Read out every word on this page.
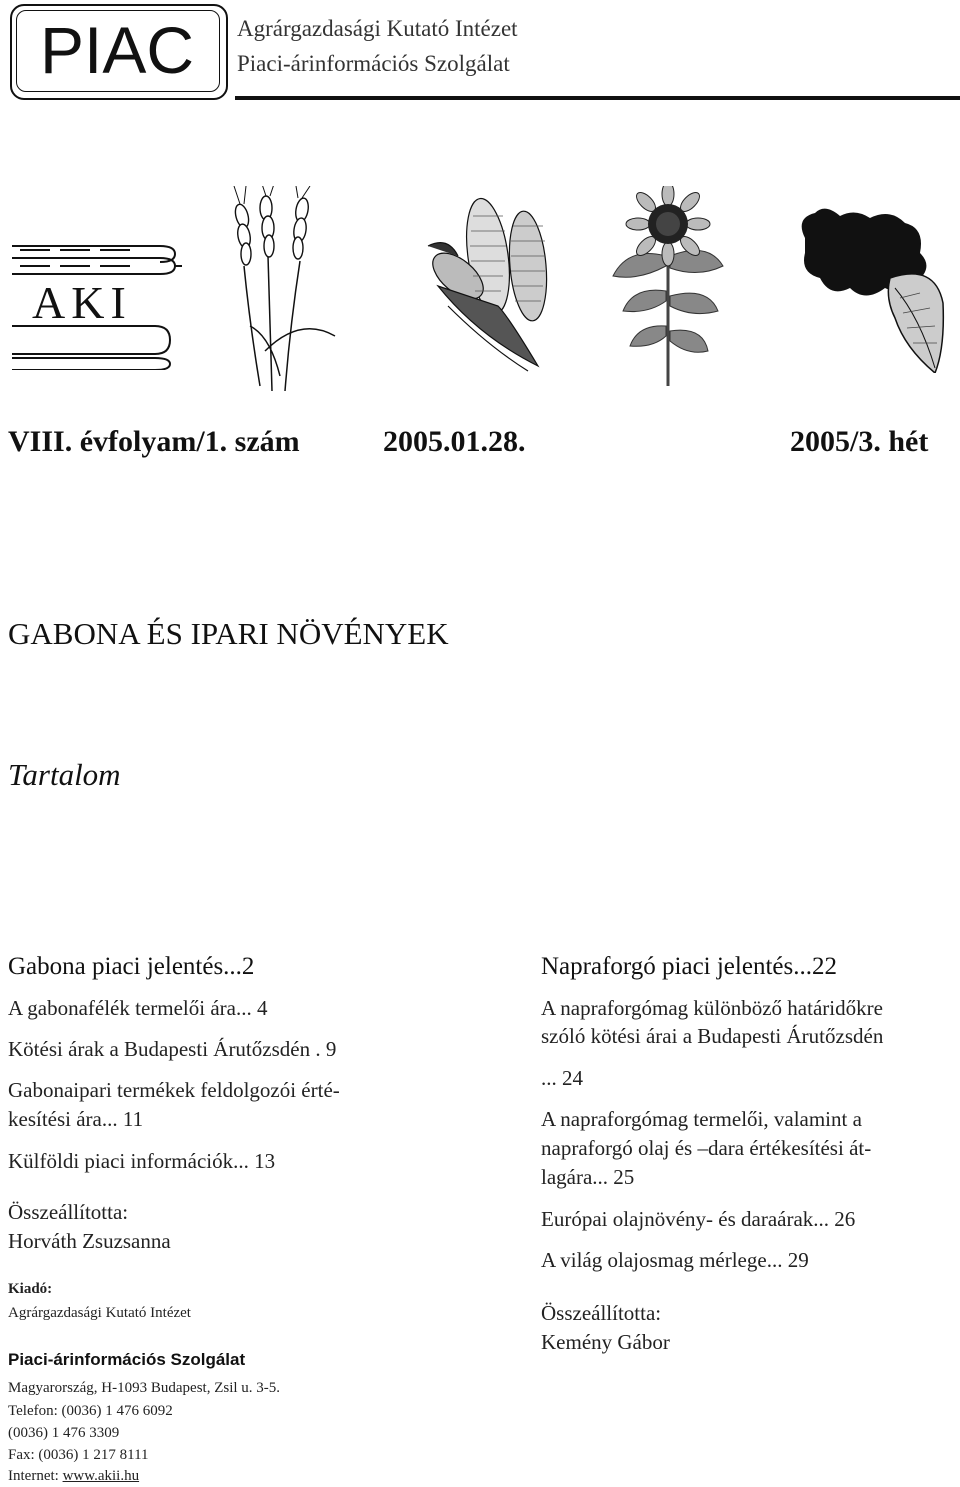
PIAC	Agrárgazdasági Kutató Intézet
Piaci-árinformációs Szolgálat
AKI
VIII. évfolyam/1. szám	2005.01.28.	2005/3. hét
GABONA ÉS IPARI NÖVÉNYEK
Tartalom
Gabona piaci jelentés...2
A gabonafélék termelői ára... 4
Kötési árak a Budapesti Árutőzsdén . 9
Gabonaipari termékek feldolgozói érté-
kesítési ára... 11
Külföldi piaci információk... 13
Összeállította:
Horváth Zsuzsanna
Kiadó:
Agrárgazdasági Kutató Intézet
Piaci-árinformációs Szolgálat
Magyarország, H-1093 Budapest, Zsil u. 3-5.
Telefon: (0036) 1 476 6092
(0036) 1 476 3309
Fax: (0036) 1 217 8111
Internet: www.akii.hu
Napraforgó piaci jelentés...22
A napraforgómag különböző határidőkre
szóló kötési árai a Budapesti Árutőzsdén
... 24
A napraforgómag termelői, valamint a
napraforgó olaj és –dara értékesítési át-
lagára... 25
Európai olajnövény- és daraárak... 26
A világ olajosmag mérlege... 29
Összeállította:
Kemény Gábor
